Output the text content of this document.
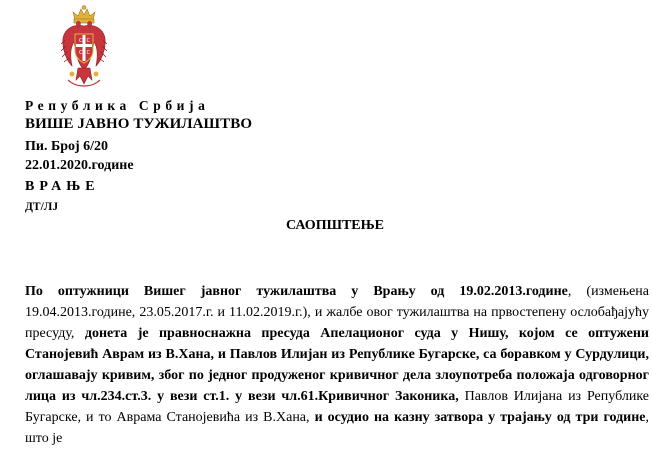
С С
С С
Република Србија
ВИШЕ ЈАВНО ТУЖИЛАШТВО
Пи. Број 6/20
22.01.2020.године
ВРАЊЕ
ДТ/ЛЈ
САОПШТЕЊЕ
По оптужници Вишег јавног тужилаштва у Врању од 19.02.2013.године, (измењена 19.04.2013.године, 23.05.2017.г. и 11.02.2019.г.), и жалбе овог тужилаштва на првостепену ослобађајућу пресуду, донета је правноснажна пресуда Апелационог суда у Нишу, којом се оптужени Станојевић Аврам из В.Хана, и Павлов Илијан из Републике Бугарске, са боравком у Сурдулици, оглашавају кривим, због по једног продуженог кривичног дела злоупотреба положаја одговорног лица из чл.234.ст.3. у вези ст.1. у вези чл.61.Кривичног Законика, Павлов Илијана из Републике Бугарске, и то Аврама Станојевића из В.Хана, и осудио на казну затвора у трајању од три године, што је
